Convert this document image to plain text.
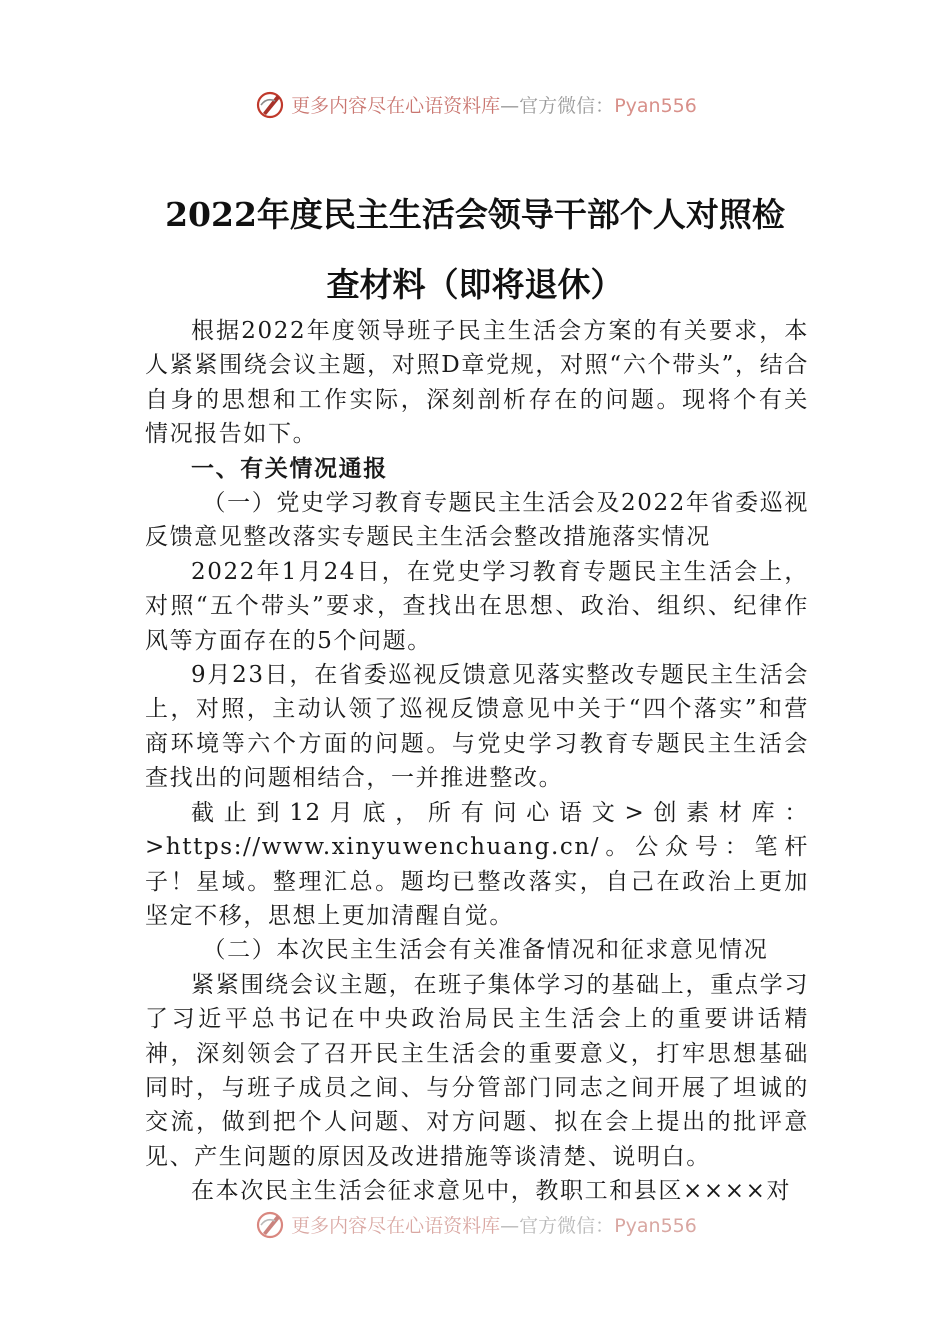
更多内容尽在心语资料库—官方微信：Pyan556
2022年度民主生活会领导干部个人对照检
查材料（即将退休）

根据2022年度领导班子民主生活会方案的有关要求，本人紧紧围绕会议主题，对照D章党规，对照“六个带头”，结合自身的思想和工作实际，深刻剖析存在的问题。现将个有关情况报告如下。

一、有关情况通报

（一）党史学习教育专题民主生活会及2022年省委巡视反馈意见整改落实专题民主生活会整改措施落实情况

2022年1月24日，在党史学习教育专题民主生活会上，对照“五个带头”要求，查找出在思想、政治、组织、纪律作风等方面存在的5个问题。

9月23日，在省委巡视反馈意见落实整改专题民主生活会上，对照，主动认领了巡视反馈意见中关于“四个落实”和营商环境等六个方面的问题。与党史学习教育专题民主生活会查找出的问题相结合，一并推进整改。

截止到12月底，所有问心语文>创素材库：>https://www.xinyuwenchuang.cn/。公众号：笔杆子！星域。整理汇总。题均已整改落实，自己在政治上更加坚定不移，思想上更加清醒自觉。

（二）本次民主生活会有关准备情况和征求意见情况

紧紧围绕会议主题，在班子集体学习的基础上，重点学习了习近平总书记在中央政治局民主生活会上的重要讲话精神，深刻领会了召开民主生活会的重要意义，打牢思想基础同时，与班子成员之间、与分管部门同志之间开展了坦诚的交流，做到把个人问题、对方问题、拟在会上提出的批评意见、产生问题的原因及改进措施等谈清楚、说明白。

在本次民主生活会征求意见中，教职工和县区××××对

更多内容尽在心语资料库—官方微信：Pyan556
